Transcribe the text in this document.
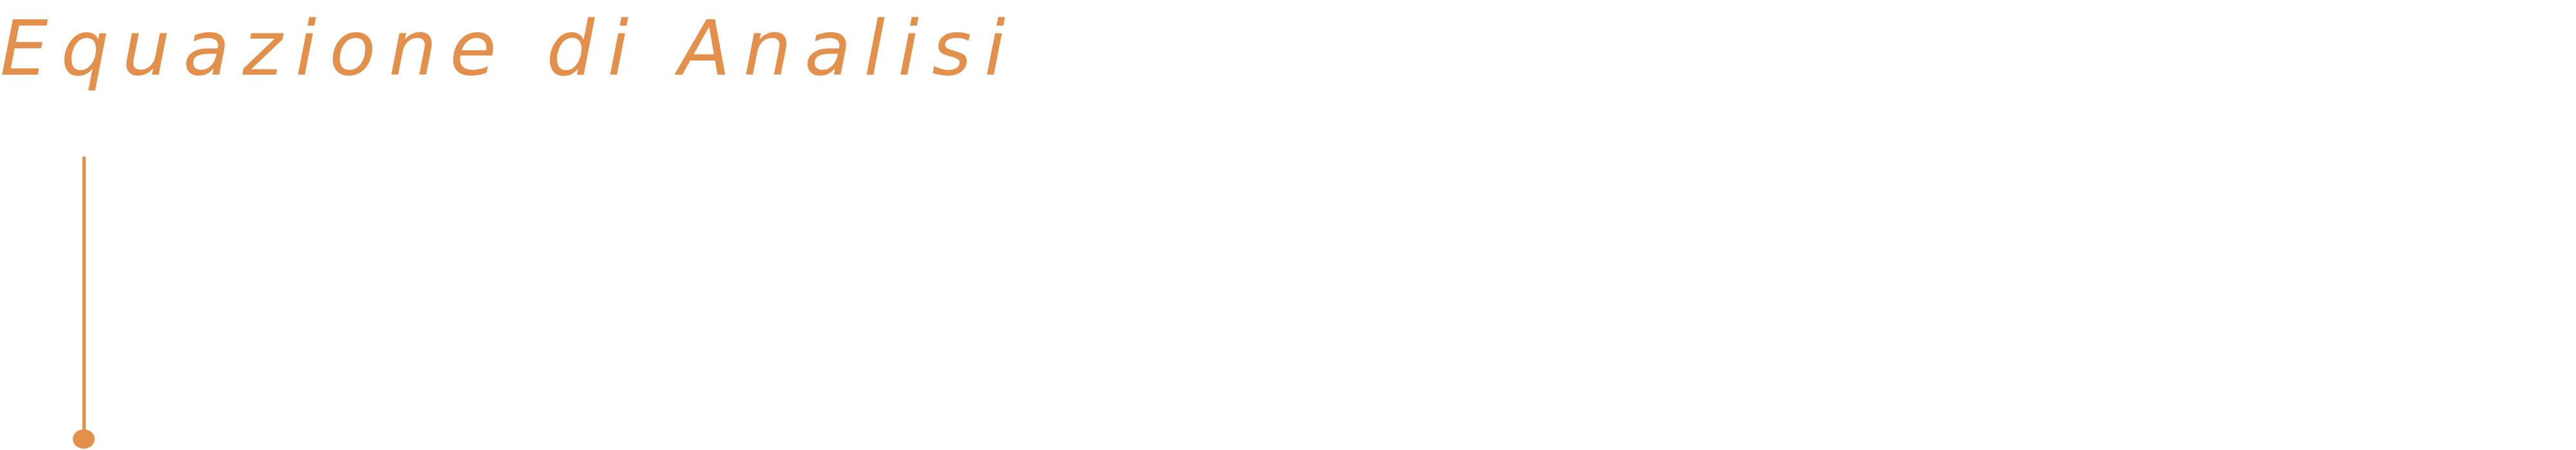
Equazione di Analisi
